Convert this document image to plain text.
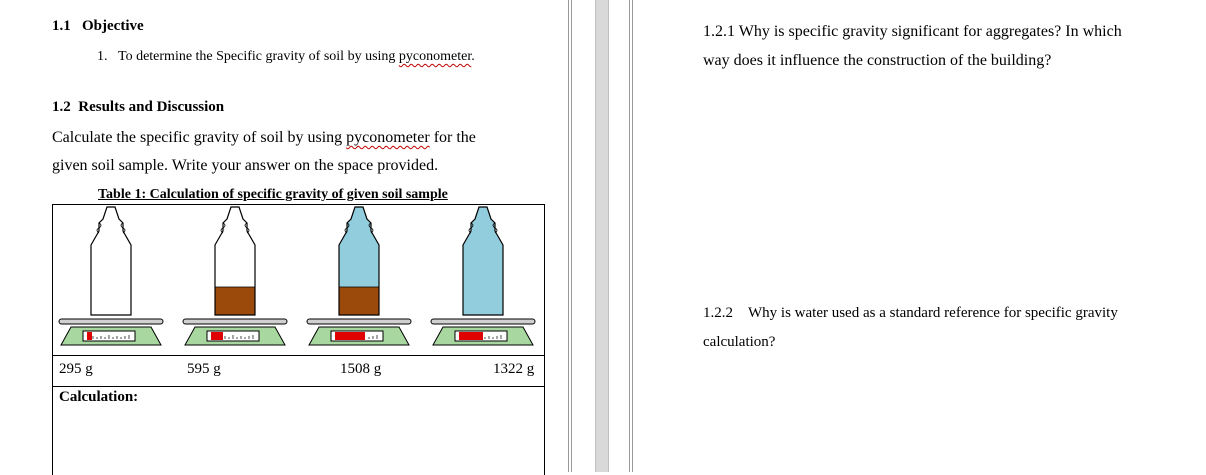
1.1 Objective
1. To determine the Specific gravity of soil by using pyconometer.
1.2 Results and Discussion
Calculate the specific gravity of soil by using pyconometer for the
given soil sample. Write your answer on the space provided.
Table 1: Calculation of specific gravity of given soil sample
295 g	595 g	1508 g	1322 g
Calculation:
1.2.1 Why is specific gravity significant for aggregates? In which
way does it influence the construction of the building?
1.2.2 Why is water used as a standard reference for specific gravity
calculation?
